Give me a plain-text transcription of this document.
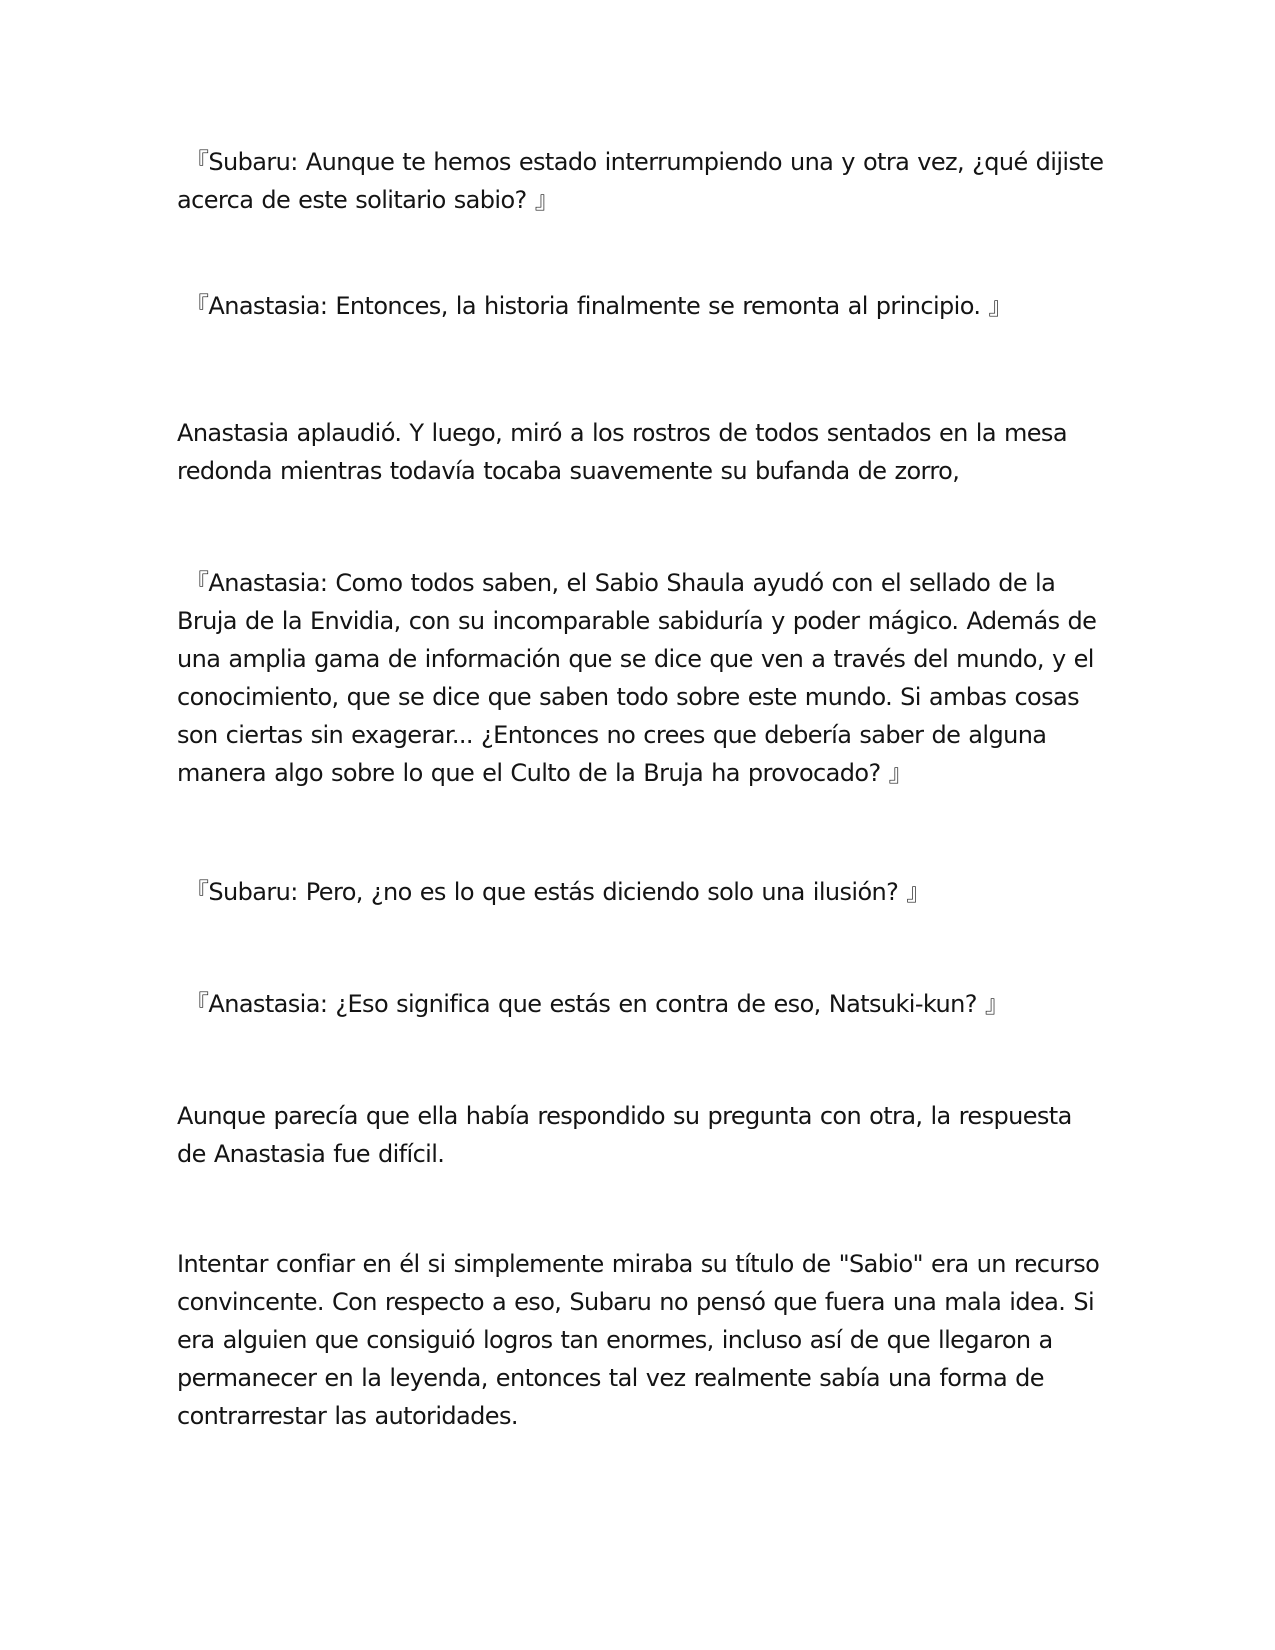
『Subaru: Aunque te hemos estado interrumpiendo una y otra vez, ¿qué dijiste acerca de este solitario sabio? 』

『Anastasia: Entonces, la historia finalmente se remonta al principio. 』

Anastasia aplaudió. Y luego, miró a los rostros de todos sentados en la mesa redonda mientras todavía tocaba suavemente su bufanda de zorro,

『Anastasia: Como todos saben, el Sabio Shaula ayudó con el sellado de la Bruja de la Envidia, con su incomparable sabiduría y poder mágico. Además de una amplia gama de información que se dice que ven a través del mundo, y el conocimiento, que se dice que saben todo sobre este mundo. Si ambas cosas son ciertas sin exagerar... ¿Entonces no crees que debería saber de alguna manera algo sobre lo que el Culto de la Bruja ha provocado? 』

『Subaru: Pero, ¿no es lo que estás diciendo solo una ilusión? 』

『Anastasia: ¿Eso significa que estás en contra de eso, Natsuki-kun? 』

Aunque parecía que ella había respondido su pregunta con otra, la respuesta de Anastasia fue difícil.

Intentar confiar en él si simplemente miraba su título de "Sabio" era un recurso convincente. Con respecto a eso, Subaru no pensó que fuera una mala idea. Si era alguien que consiguió logros tan enormes, incluso así de que llegaron a permanecer en la leyenda, entonces tal vez realmente sabía una forma de contrarrestar las autoridades.
